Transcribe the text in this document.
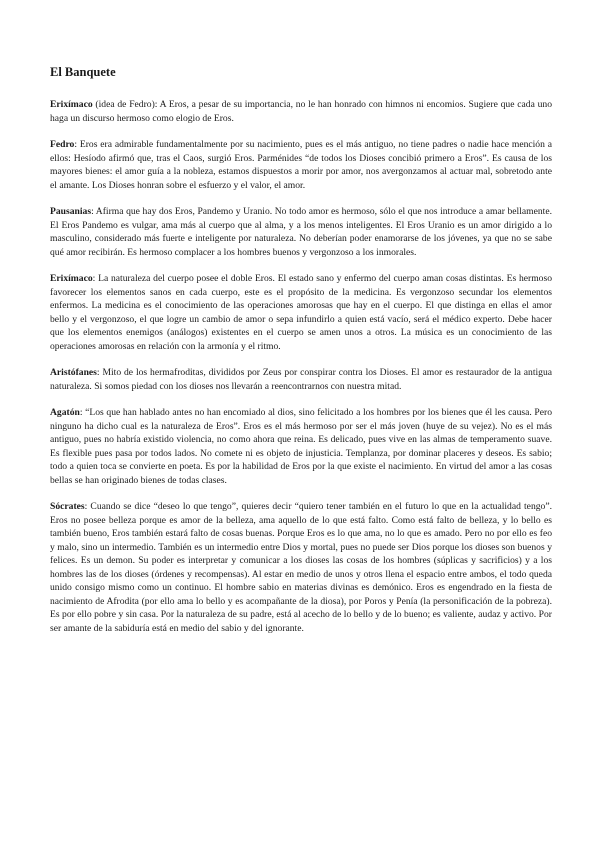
El Banquete

Erixímaco (idea de Fedro): A Eros, a pesar de su importancia, no le han honrado con himnos ni encomios. Sugiere que cada uno haga un discurso hermoso como elogio de Eros.

Fedro: Eros era admirable fundamentalmente por su nacimiento, pues es el más antiguo, no tiene padres o nadie hace mención a ellos: Hesíodo afirmó que, tras el Caos, surgió Eros. Parménides “de todos los Dioses concibió primero a Eros”. Es causa de los mayores bienes: el amor guía a la nobleza, estamos dispuestos a morir por amor, nos avergonzamos al actuar mal, sobretodo ante el amante. Los Dioses honran sobre el esfuerzo y el valor, el amor.

Pausanias: Afirma que hay dos Eros, Pandemo y Uranio. No todo amor es hermoso, sólo el que nos introduce a amar bellamente. El Eros Pandemo es vulgar, ama más al cuerpo que al alma, y a los menos inteligentes. El Eros Uranio es un amor dirigido a lo masculino, considerado más fuerte e inteligente por naturaleza. No deberían poder enamorarse de los jóvenes, ya que no se sabe qué amor recibirán. Es hermoso complacer a los hombres buenos y vergonzoso a los inmorales.

Erixímaco: La naturaleza del cuerpo posee el doble Eros. El estado sano y enfermo del cuerpo aman cosas distintas. Es hermoso favorecer los elementos sanos en cada cuerpo, este es el propósito de la medicina. Es vergonzoso secundar los elementos enfermos. La medicina es el conocimiento de las operaciones amorosas que hay en el cuerpo. El que distinga en ellas el amor bello y el vergonzoso, el que logre un cambio de amor o sepa infundirlo a quien está vacío, será el médico experto. Debe hacer que los elementos enemigos (análogos) existentes en el cuerpo se amen unos a otros. La música es un conocimiento de las operaciones amorosas en relación con la armonía y el ritmo.

Aristófanes: Mito de los hermafroditas, divididos por Zeus por conspirar contra los Dioses. El amor es restaurador de la antigua naturaleza. Si somos piedad con los dioses nos llevarán a reencontrarnos con nuestra mitad.

Agatón: “Los que han hablado antes no han encomiado al dios, sino felicitado a los hombres por los bienes que él les causa. Pero ninguno ha dicho cual es la naturaleza de Eros”. Eros es el más hermoso por ser el más joven (huye de su vejez). No es el más antiguo, pues no habría existido violencia, no como ahora que reina. Es delicado, pues vive en las almas de temperamento suave. Es flexible pues pasa por todos lados. No comete ni es objeto de injusticia. Templanza, por dominar placeres y deseos. Es sabio; todo a quien toca se convierte en poeta. Es por la habilidad de Eros por la que existe el nacimiento. En virtud del amor a las cosas bellas se han originado bienes de todas clases.

Sócrates: Cuando se dice “deseo lo que tengo”, quieres decir “quiero tener también en el futuro lo que en la actualidad tengo”. Eros no posee belleza porque es amor de la belleza, ama aquello de lo que está falto. Como está falto de belleza, y lo bello es también bueno, Eros también estará falto de cosas buenas. Porque Eros es lo que ama, no lo que es amado. Pero no por ello es feo y malo, sino un intermedio. También es un intermedio entre Dios y mortal, pues no puede ser Dios porque los dioses son buenos y felices. Es un demon. Su poder es interpretar y comunicar a los dioses las cosas de los hombres (súplicas y sacrificios) y a los hombres las de los dioses (órdenes y recompensas). Al estar en medio de unos y otros llena el espacio entre ambos, el todo queda unido consigo mismo como un continuo. El hombre sabio en materias divinas es demónico. Eros es engendrado en la fiesta de nacimiento de Afrodita (por ello ama lo bello y es acompañante de la diosa), por Poros y Penía (la personificación de la pobreza). Es por ello pobre y sin casa. Por la naturaleza de su padre, está al acecho de lo bello y de lo bueno; es valiente, audaz y activo. Por ser amante de la sabiduría está en medio del sabio y del ignorante.
